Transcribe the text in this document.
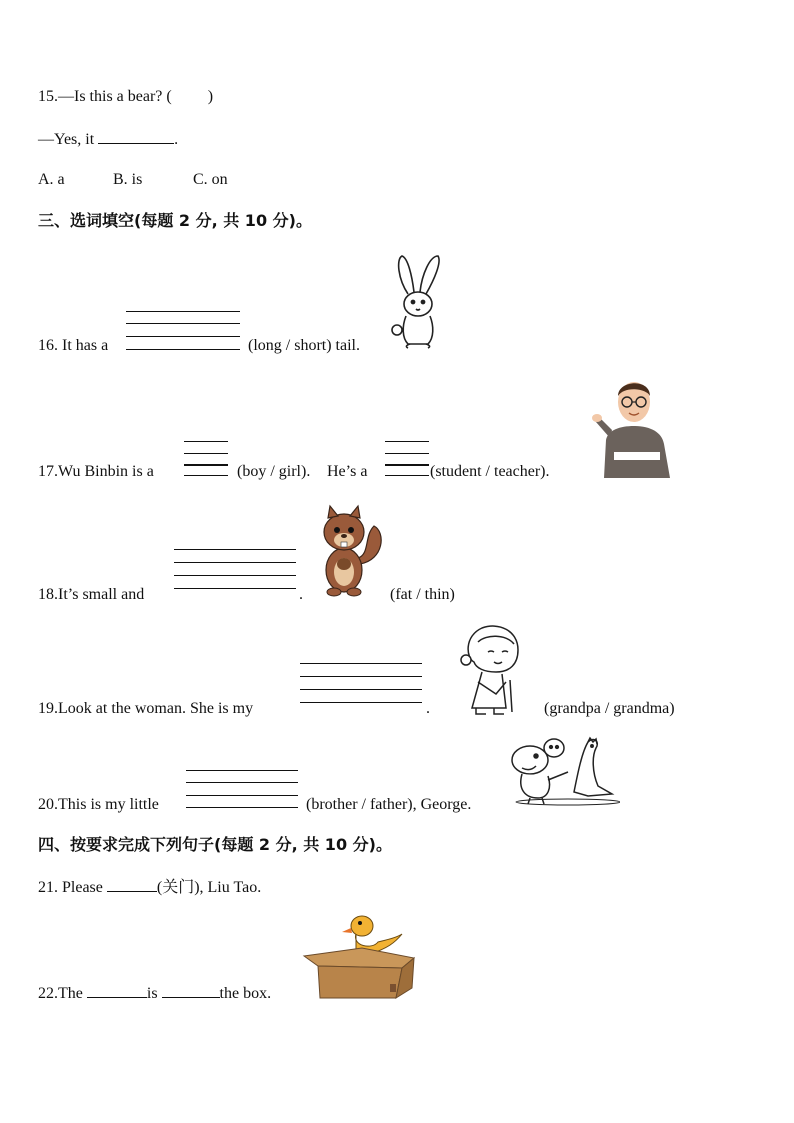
15.—Is this a bear? ( )
—Yes, it	.
A. a	B. is	C. on
三、选词填空(每题 2 分, 共 10 分)。
16. It has a	(long / short) tail.
17.Wu Binbin is a	(boy / girl). He’s a	(student / teacher).
18.It’s small and	.	(fat / thin)
19.Look at the woman. She is my	.	(grandpa / grandma)
20.This is my little	(brother / father), George.
四、按要求完成下列句子(每题 2 分, 共 10 分)。
21. Please	(关门), Liu Tao.
22.The	is	the box.
